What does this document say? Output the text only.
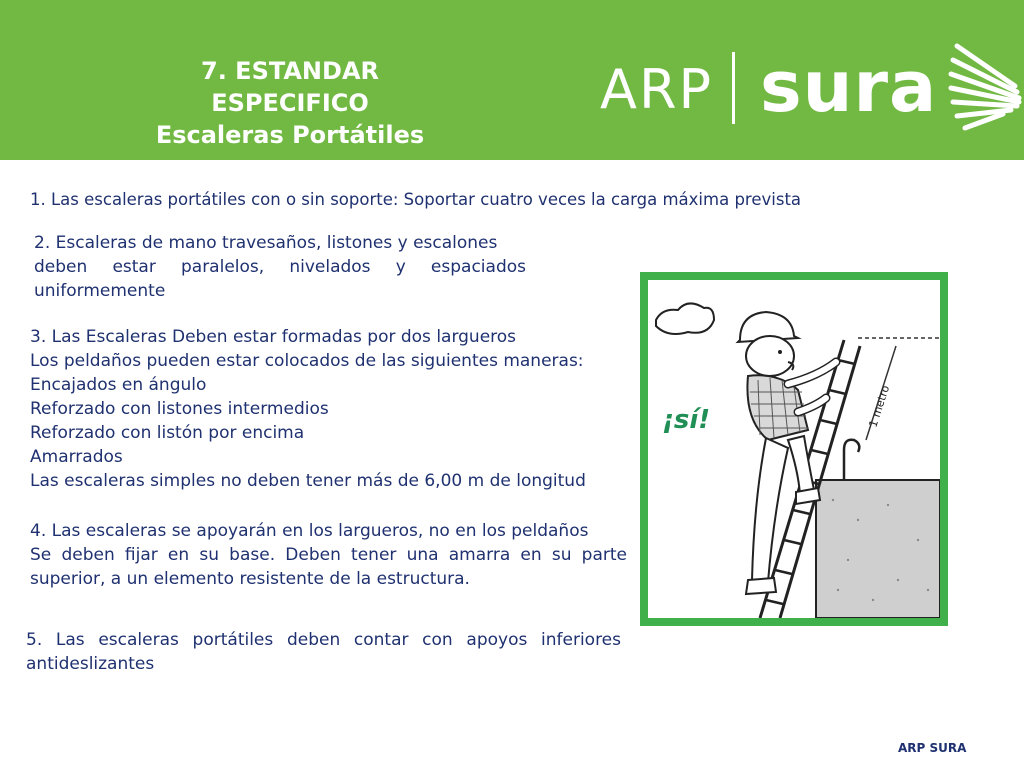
7. ESTANDAR
ESPECIFICO
Escaleras Portátiles
ARP sura

1. Las escaleras portátiles con o sin soporte: Soportar cuatro veces la carga máxima prevista

2. Escaleras de mano travesaños, listones y escalones

deben estar paralelos, nivelados y espaciados

uniformemente

3. Las Escaleras Deben estar formadas por dos largueros

Los peldaños pueden estar colocados de las siguientes maneras:

Encajados en ángulo

Reforzado con listones intermedios

Reforzado con listón por encima

Amarrados

Las escaleras simples no deben tener más de 6,00 m de longitud

4. Las escaleras se apoyarán en los largueros, no en los peldaños

Se deben fijar en su base. Deben tener una amarra en su parte superior, a un elemento resistente de la estructura.

5. Las escaleras portátiles deben contar con apoyos inferiores antideslizantes

1 metro
¡sí!
ARP SURA
